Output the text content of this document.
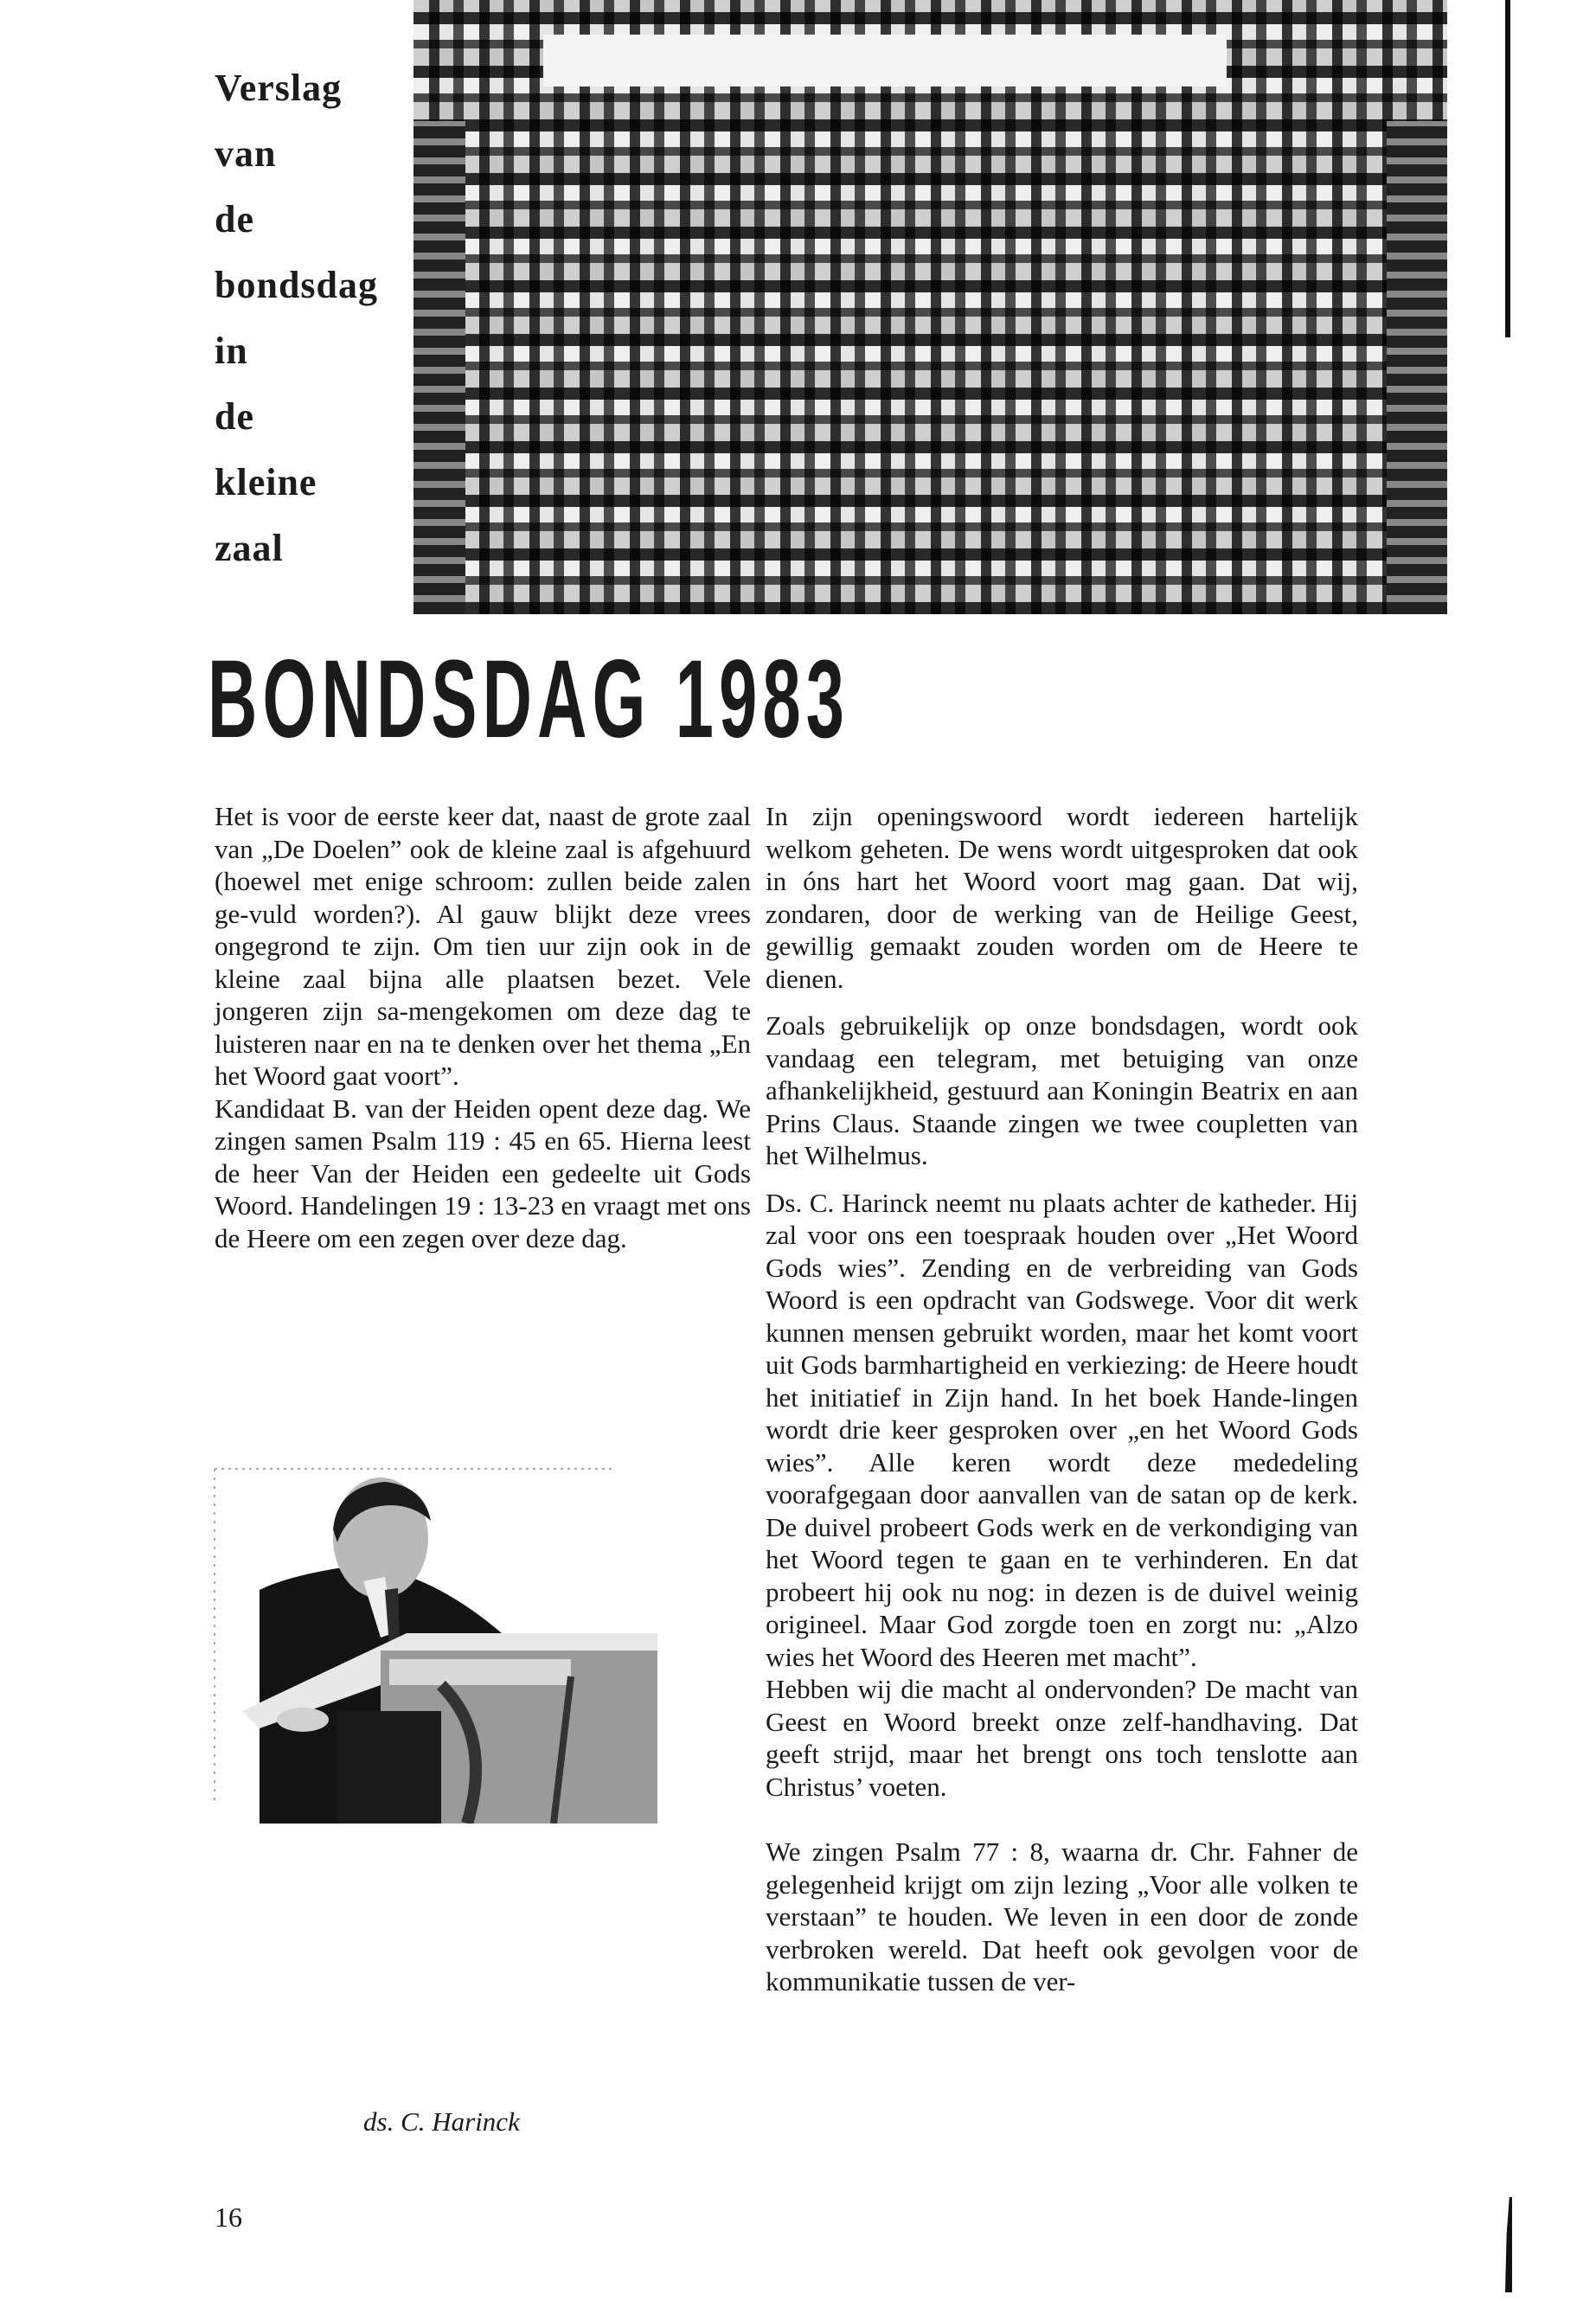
Verslag
van
de
bondsdag
in
de
kleine
zaal
BONDSDAG 1983

Het is voor de eerste keer dat, naast de grote zaal van „De Doelen” ook de kleine zaal is afgehuurd (hoewel met enige schroom: zullen beide zalen ge-vuld worden?). Al gauw blijkt deze vrees ongegrond te zijn. Om tien uur zijn ook in de kleine zaal bijna alle plaatsen bezet. Vele jongeren zijn sa-mengekomen om deze dag te luisteren naar en na te denken over het thema „En het Woord gaat voort”.

Kandidaat B. van der Heiden opent deze dag. We zingen samen Psalm 119 : 45 en 65. Hierna leest de heer Van der Heiden een gedeelte uit Gods Woord. Handelingen 19 : 13-23 en vraagt met ons de Heere om een zegen over deze dag.

ds. C. Harinck

In zijn openingswoord wordt iedereen hartelijk welkom geheten. De wens wordt uitgesproken dat ook in óns hart het Woord voort mag gaan. Dat wij, zondaren, door de werking van de Heilige Geest, gewillig gemaakt zouden worden om de Heere te dienen.

Zoals gebruikelijk op onze bondsdagen, wordt ook vandaag een telegram, met betuiging van onze afhankelijkheid, gestuurd aan Koningin Beatrix en aan Prins Claus. Staande zingen we twee coupletten van het Wilhelmus.

Ds. C. Harinck neemt nu plaats achter de katheder. Hij zal voor ons een toespraak houden over „Het Woord Gods wies”. Zending en de verbreiding van Gods Woord is een opdracht van Godswege. Voor dit werk kunnen mensen gebruikt worden, maar het komt voort uit Gods barmhartigheid en verkiezing: de Heere houdt het initiatief in Zijn hand. In het boek Hande-lingen wordt drie keer gesproken over „en het Woord Gods wies”. Alle keren wordt deze mededeling voorafgegaan door aanvallen van de satan op de kerk. De duivel probeert Gods werk en de verkondiging van het Woord tegen te gaan en te verhinderen. En dat probeert hij ook nu nog: in dezen is de duivel weinig origineel. Maar God zorgde toen en zorgt nu: „Alzo wies het Woord des Heeren met macht”.

Hebben wij die macht al ondervonden? De macht van Geest en Woord breekt onze zelf-handhaving. Dat geeft strijd, maar het brengt ons toch tenslotte aan Christus’ voeten.

We zingen Psalm 77 : 8, waarna dr. Chr. Fahner de gelegenheid krijgt om zijn lezing „Voor alle volken te verstaan” te houden. We leven in een door de zonde verbroken wereld. Dat heeft ook gevolgen voor de kommunikatie tussen de ver-

16
